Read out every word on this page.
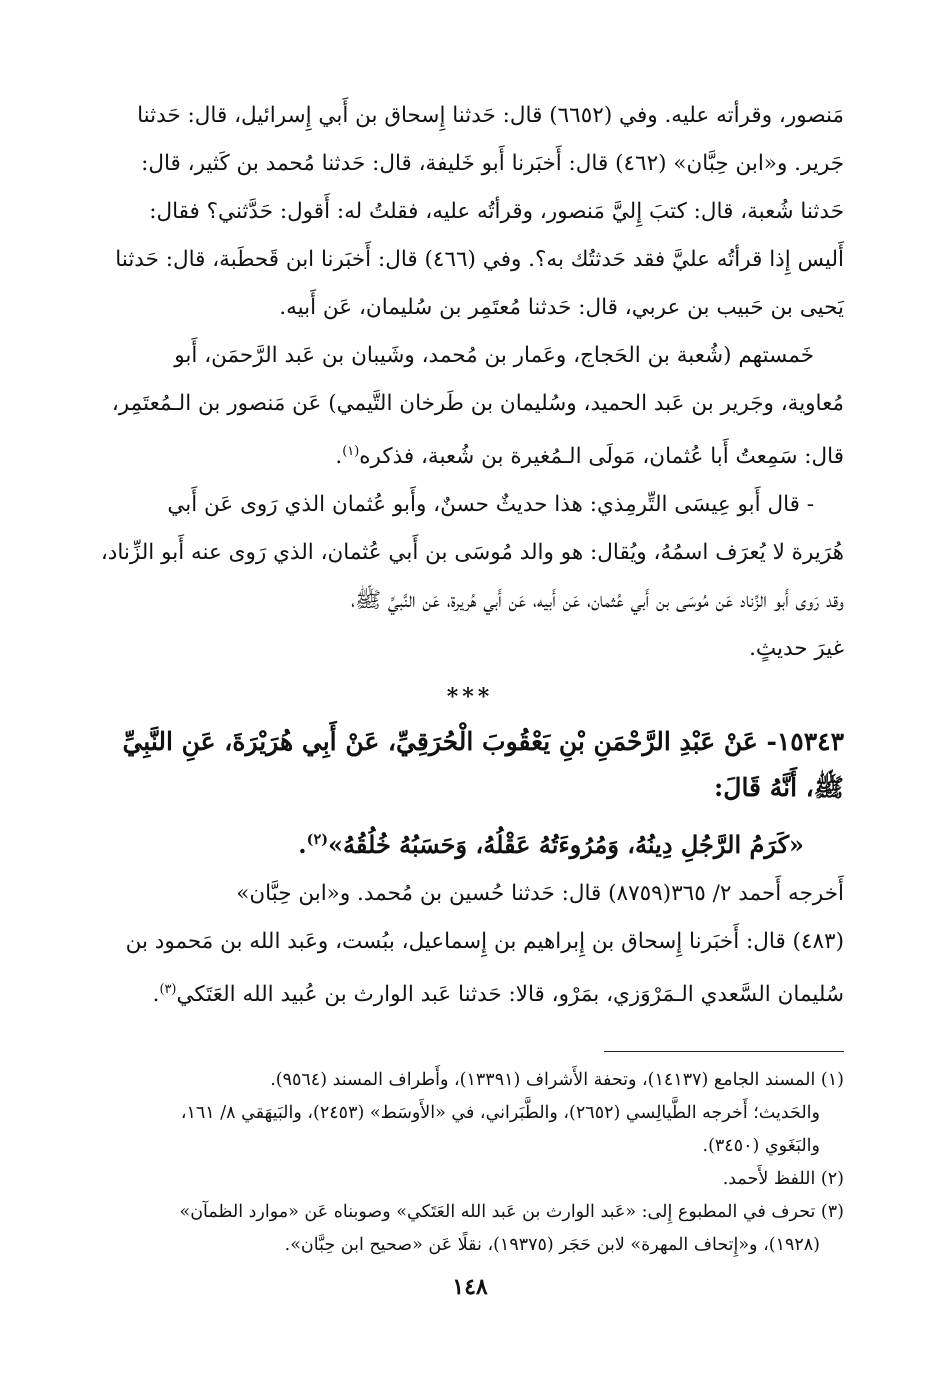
مَنصور، وقرأته عليه. وفي (٦٦٥٢) قال: حَدثنا إِسحاق بن أَبي إِسرائيل، قال: حَدثنا

جَرير. و«ابن حِبَّان» (٤٦٢) قال: أَخبَرنا أَبو خَليفة، قال: حَدثنا مُحمد بن كَثير، قال:

حَدثنا شُعبة، قال: كتبَ إِليَّ مَنصور، وقرأتُه عليه، فقلتُ له: أَقول: حَدَّثني؟ فقال:

أَليس إِذا قرأتُه عليَّ فقد حَدثتُك به؟. وفي (٤٦٦) قال: أَخبَرنا ابن قَحطَبة، قال: حَدثنا

يَحيى بن حَبيب بن عربي، قال: حَدثنا مُعتَمِر بن سُليمان، عَن أَبيه.

خَمستهم (شُعبة بن الحَجاج، وعَمار بن مُحمد، وشَيبان بن عَبد الرَّحمَن، أَبو

مُعاوية، وجَرير بن عَبد الحميد، وسُليمان بن طَرخان التَّيمي) عَن مَنصور بن الـمُعتَمِر،

قال: سَمِعتُ أَبا عُثمان، مَولَى الـمُغيرة بن شُعبة، فذكره$^{(١)}$.

- قال أَبو عِيسَى التِّرمِذي: هذا حديثٌ حسنٌ، وأَبو عُثمان الذي رَوى عَن أَبي

هُرَيرة لا يُعرَف اسمُهُ، ويُقال: هو والد مُوسَى بن أَبي عُثمان، الذي رَوى عنه أَبو الزِّناد،

وقد رَوى أَبو الزِّناد عَن مُوسَى بن أَبي عُثمان، عَن أَبيه، عَن أَبي هُريرة، عَن النَّبيِّ ﷺ،

غيرَ حديثٍ.

***

١٥٣٤٣- عَنْ عَبْدِ الرَّحْمَنِ بْنِ يَعْقُوبَ الْحُرَقِيِّ، عَنْ أَبِي هُرَيْرَةَ، عَنِ النَّبِيِّ

ﷺ، أَنَّهُ قَالَ:

«كَرَمُ الرَّجُلِ دِينُهُ، وَمُرُوءَتُهُ عَقْلُهُ، وَحَسَبُهُ خُلُقُهُ»$^{(٢)}$.

أَخرجه أَحمد ٢/ ٣٦٥(٨٧٥٩) قال: حَدثنا حُسين بن مُحمد. و«ابن حِبَّان»

(٤٨٣) قال: أَخبَرنا إِسحاق بن إِبراهيم بن إِسماعيل، ببُست، وعَبد الله بن مَحمود بن

سُليمان السَّعدي الـمَرْوَزي، بمَرْو، قالا: حَدثنا عَبد الوارث بن عُبيد الله العَتَكي$^{(٣)}$.

(١) المسند الجامع (١٤١٣٧)، وتحفة الأَشراف (١٣٣٩١)، وأَطراف المسند (٩٥٦٤).

والحَديث؛ أَخرجه الطَّيالِسي (٢٦٥٢)، والطَّبَراني، في «الأَوسَط» (٢٤٥٣)، والبَيهَقي ٨/ ١٦١،

والبَغَوي (٣٤٥٠).

(٢) اللفظ لأَحمد.

(٣) تحرف في المطبوع إِلى: «عَبد الوارث بن عَبد الله العَتَكي» وصوبناه عَن «موارد الظمآن»

(١٩٢٨)، و«إِتحاف المهرة» لابن حَجَر (١٩٣٧٥)، نقلًا عَن «صحيح ابن حِبَّان».

١٤٨
